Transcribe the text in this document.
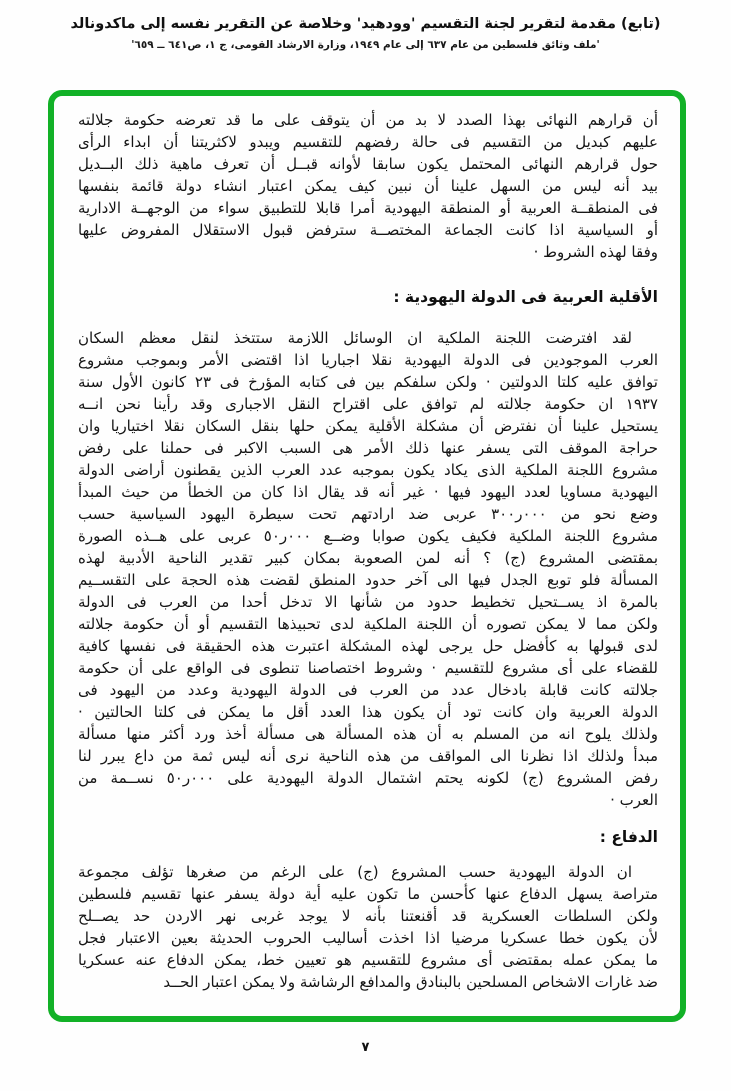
(تابع) مقدمة لتقرير لجنة التقسيم 'وودهيد' وخلاصة عن التقرير نفسه إلى ماكدونالد
'ملف وثائق فلسطين من عام ٦٣٧ إلى عام ١٩٤٩، وزارة الارشاد القومى، ج ١، ص٦٤١ ــ ٦٥٩'
أن قرارهم النهائى بهذا الصدد لا بد من أن يتوقف على ما قد تعرضه حكومة جلالته
عليهم كبديل من التقسيم فى حالة رفضهم للتقسيم ويبدو لاكثريتنا أن ابداء الرأى
حول قرارهم النهائى المحتمل يكون سابقا لأوانه قبــل أن تعرف ماهية ذلك البــديل
بيد أنه ليس من السهل علينا أن نبين كيف يمكن اعتبار انشاء دولة قائمة بنفسها
فى المنطقــة العربية أو المنطقة اليهودية أمرا قابلا للتطبيق سواء من الوجهــة الادارية
أو السياسية اذا كانت الجماعة المختصــة سترفض قبول الاستقلال المفروض عليها
وفقا لهذه الشروط ·
الأقلية العربية فى الدولة اليهودية :
لقد افترضت اللجنة الملكية ان الوسائل اللازمة ستتخذ لنقل معظم السكان
العرب الموجودين فى الدولة اليهودية نقلا اجباريا اذا اقتضى الأمر وبموجب مشروع
توافق عليه كلتا الدولتين · ولكن سلفكم بين فى كتابه المؤرخ فى ٢٣ كانون الأول سنة
١٩٣٧ ان حكومة جلالته لم توافق على اقتراح النقل الاجبارى وقد رأينا نحن انــه
يستحيل علينا أن نفترض أن مشكلة الأقلية يمكن حلها بنقل السكان نقلا اختياريا وان
حراجة الموقف التى يسفر عنها ذلك الأمر هى السبب الاكبر فى حملنا على رفض
مشروع اللجنة الملكية الذى يكاد يكون بموجبه عدد العرب الذين يقطنون أراضى الدولة
اليهودية مساويا لعدد اليهود فيها · غير أنه قد يقال اذا كان من الخطأ من حيث المبدأ
وضع نحو من ٠٠٠ر٣٠٠ عربى ضد ارادتهم تحت سيطرة اليهود السياسية حسب
مشروع اللجنة الملكية فكيف يكون صوابا وضــع ٠٠٠ر٥٠ عربى على هــذه الصورة
بمقتضى المشروع (ج) ؟ أنه لمن الصعوبة بمكان كبير تقدير الناحية الأدبية لهذه
المسألة فلو توبع الجدل فيها الى آخر حدود المنطق لقضت هذه الحجة على التقســيم
بالمرة اذ يســتحيل تخطيط حدود من شأنها الا تدخل أحدا من العرب فى الدولة
ولكن مما لا يمكن تصوره أن اللجنة الملكية لدى تحبيذها التقسيم أو أن حكومة جلالته
لدى قبولها به كأفضل حل يرجى لهذه المشكلة اعتبرت هذه الحقيقة فى نفسها كافية
للقضاء على أى مشروع للتقسيم · وشروط اختصاصنا تنطوى فى الواقع على أن حكومة
جلالته كانت قابلة بادخال عدد من العرب فى الدولة اليهودية وعدد من اليهود فى
الدولة العربية وان كانت تود أن يكون هذا العدد أقل ما يمكن فى كلتا الحالتين ·
ولذلك يلوح انه من المسلم به أن هذه المسألة هى مسألة أخذ ورد أكثر منها مسألة
مبدأ ولذلك اذا نظرنا الى المواقف من هذه الناحية نرى أنه ليس ثمة من داع يبرر لنا
رفض المشروع (ج) لكونه يحتم اشتمال الدولة اليهودية على ٠٠٠ر٥٠ نســمة من
العرب ·
الدفاع :
ان الدولة اليهودية حسب المشروع (ج) على الرغم من صغرها تؤلف مجموعة
متراصة يسهل الدفاع عنها كأحسن ما تكون عليه أية دولة يسفر عنها تقسيم فلسطين
ولكن السلطات العسكرية قد أقنعتنا بأنه لا يوجد غربى نهر الاردن حد يصــلح
لأن يكون خطا عسكريا مرضيا اذا اخذت أساليب الحروب الحديثة بعين الاعتبار فجل
ما يمكن عمله بمقتضى أى مشروع للتقسيم هو تعيين خط، يمكن الدفاع عنه عسكريا
ضد غارات الاشخاص المسلحين بالبنادق والمدافع الرشاشة ولا يمكن اعتبار الحــد
٧
